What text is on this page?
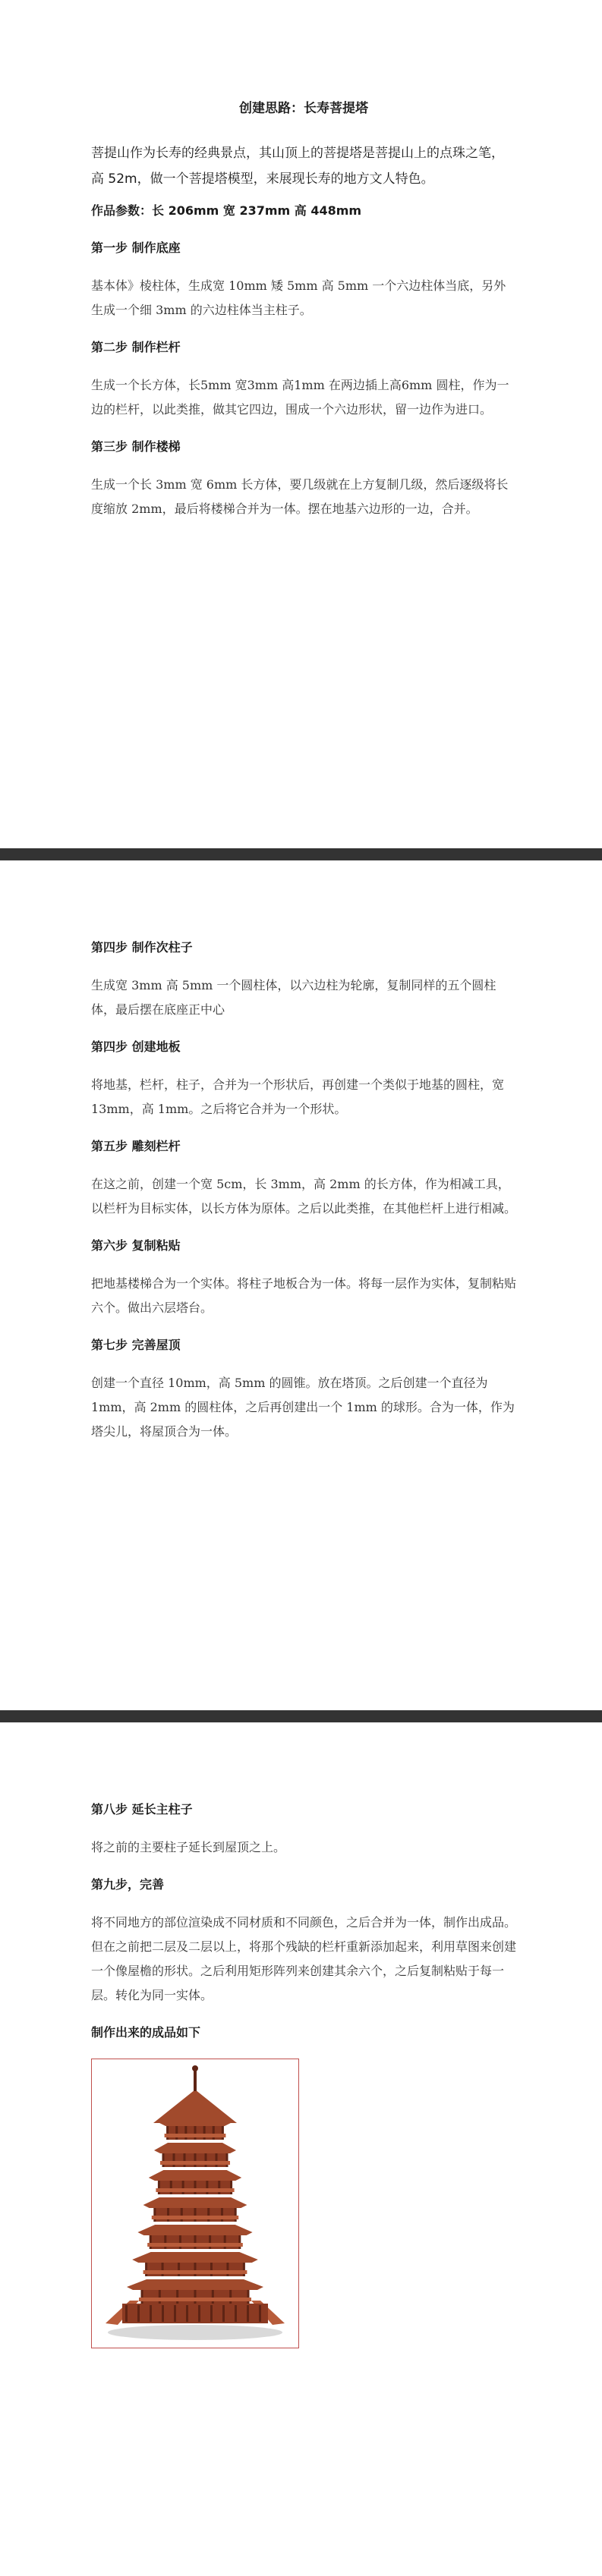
创建思路：长寿菩提塔
菩提山作为长寿的经典景点，其山顶上的菩提塔是菩提山上的点珠之笔，高 52m，做一个菩提塔模型，来展现长寿的地方文人特色。
作品参数：长 206mm 宽 237mm 高 448mm
第一步 制作底座
基本体》棱柱体，生成宽 10mm 矮 5mm 高 5mm 一个六边柱体当底，另外生成一个细 3mm 的六边柱体当主柱子。
第二步 制作栏杆
生成一个长方体，长5mm 宽3mm 高1mm 在两边插上高6mm 圆柱，作为一边的栏杆，以此类推，做其它四边，围成一个六边形状，留一边作为进口。
第三步 制作楼梯
生成一个长 3mm 宽 6mm 长方体，要几级就在上方复制几级，然后逐级将长度缩放 2mm，最后将楼梯合并为一体。摆在地基六边形的一边，合并。
第四步 制作次柱子
生成宽 3mm 高 5mm 一个圆柱体，以六边柱为轮廓，复制同样的五个圆柱体，最后摆在底座正中心
第四步 创建地板
将地基，栏杆，柱子，合并为一个形状后，再创建一个类似于地基的圆柱，宽 13mm，高 1mm。之后将它合并为一个形状。
第五步 雕刻栏杆
在这之前，创建一个宽 5cm，长 3mm，高 2mm 的长方体，作为相减工具，以栏杆为目标实体，以长方体为原体。之后以此类推，在其他栏杆上进行相减。
第六步 复制粘贴
把地基楼梯合为一个实体。将柱子地板合为一体。将每一层作为实体，复制粘贴六个。做出六层塔台。
第七步 完善屋顶
创建一个直径 10mm，高 5mm 的圆锥。放在塔顶。之后创建一个直径为 1mm，高 2mm 的圆柱体，之后再创建出一个 1mm 的球形。合为一体，作为塔尖儿，将屋顶合为一体。
第八步 延长主柱子
将之前的主要柱子延长到屋顶之上。
第九步，完善
将不同地方的部位渲染成不同材质和不同颜色，之后合并为一体，制作出成品。但在之前把二层及二层以上，将那个残缺的栏杆重新添加起来，利用草图来创建一个像屋檐的形状。之后利用矩形阵列来创建其余六个，之后复制粘贴于每一层。转化为同一实体。
制作出来的成品如下
